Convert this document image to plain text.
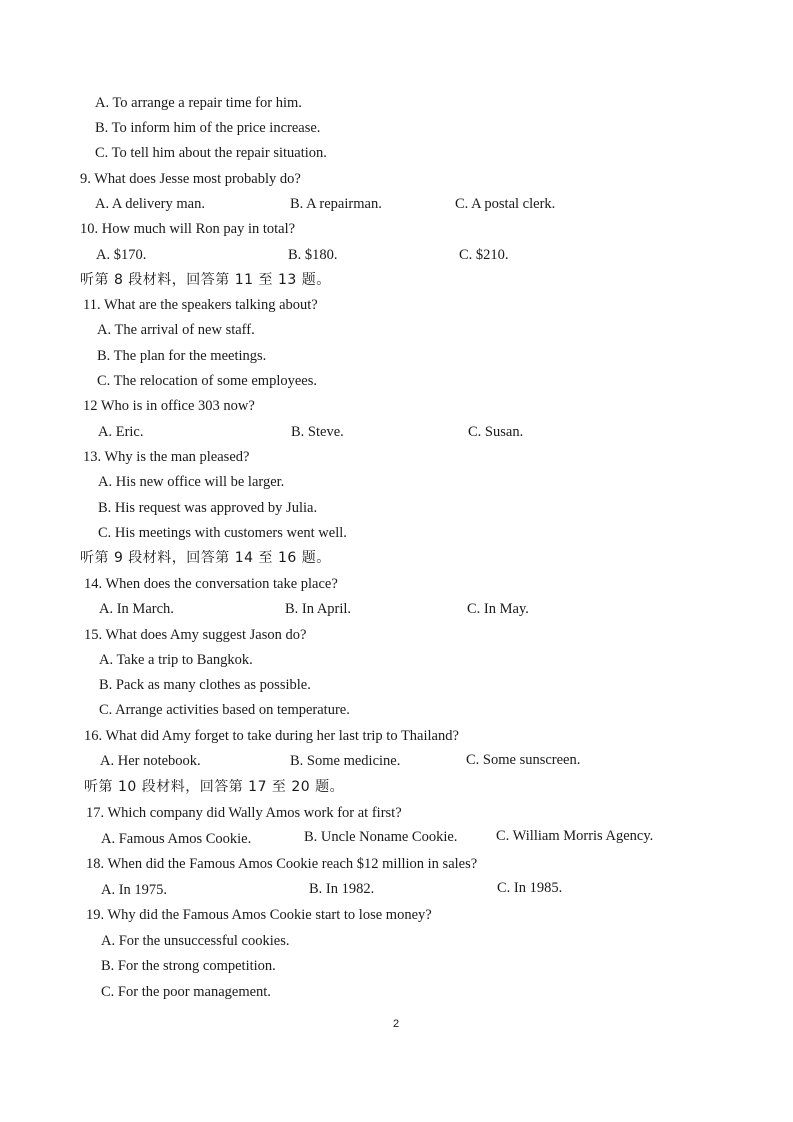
A. To arrange a repair time for him.
B. To inform him of the price increase.
C. To tell him about the repair situation.
9. What does Jesse most probably do?
A. A delivery man.	B. A repairman.	C. A postal clerk.
10. How much will Ron pay in total?
A. $170.	B. $180.	C. $210.
听第 8 段材料，回答第 11 至 13 题。
11. What are the speakers talking about?
A. The arrival of new staff.
B. The plan for the meetings.
C. The relocation of some employees.
12 Who is in office 303 now?
A. Eric.	B. Steve.	C. Susan.
13. Why is the man pleased?
A. His new office will be larger.
B. His request was approved by Julia.
C. His meetings with customers went well.
听第 9 段材料，回答第 14 至 16 题。
14. When does the conversation take place?
A. In March.	B. In April.	C. In May.
15. What does Amy suggest Jason do?
A. Take a trip to Bangkok.
B. Pack as many clothes as possible.
C. Arrange activities based on temperature.
16. What did Amy forget to take during her last trip to Thailand?
A. Her notebook.	B. Some medicine.	C. Some sunscreen.
听第 10 段材料，回答第 17 至 20 题。
17. Which company did Wally Amos work for at first?
A. Famous Amos Cookie.	B. Uncle Noname Cookie.	C. William Morris Agency.
18. When did the Famous Amos Cookie reach $12 million in sales?
A. In 1975.	B. In 1982.	C. In 1985.
19. Why did the Famous Amos Cookie start to lose money?
A. For the unsuccessful cookies.
B. For the strong competition.
C. For the poor management.
2
